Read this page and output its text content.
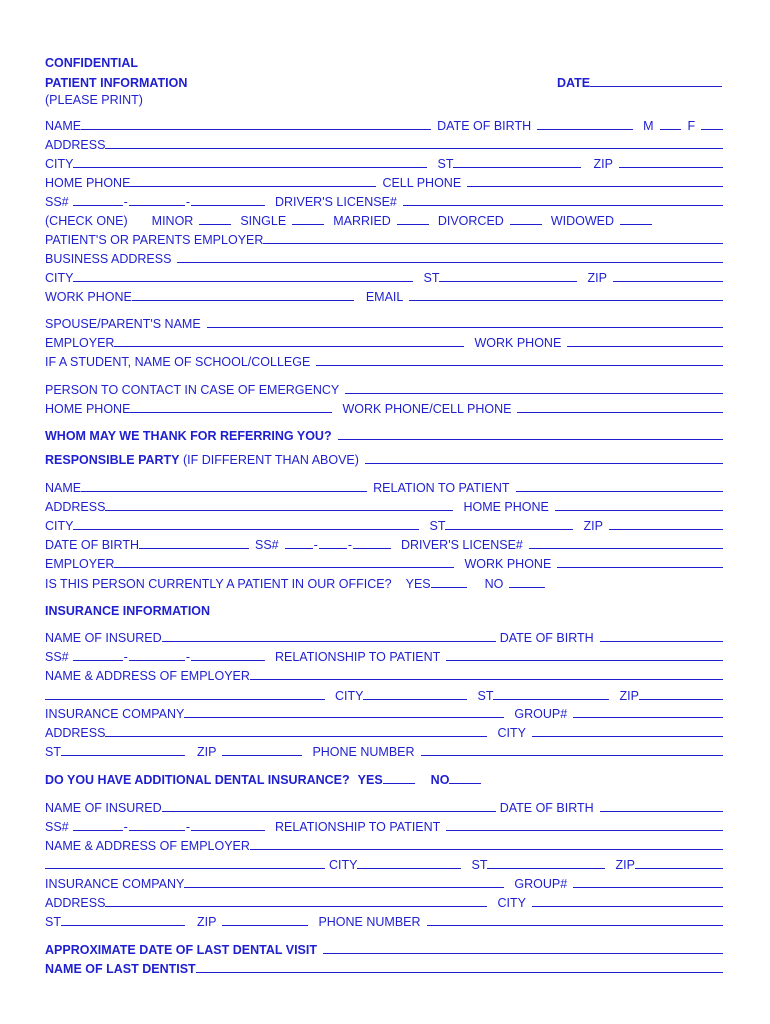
CONFIDENTIAL
PATIENT INFORMATION
(PLEASE PRINT)
DATE
NAME	DATE OF BIRTH	M	F
ADDRESS
CITY	ST	ZIP
HOME PHONE	CELL PHONE
SS#	-	-	DRIVER'S LICENSE#
(CHECK ONE) MINOR	SINGLE	MARRIED	DIVORCED	WIDOWED
PATIENT'S OR PARENTS EMPLOYER
BUSINESS ADDRESS
CITY	ST	ZIP
WORK PHONE	EMAIL
SPOUSE/PARENT'S NAME
EMPLOYER	WORK PHONE
IF A STUDENT, NAME OF SCHOOL/COLLEGE
PERSON TO CONTACT IN CASE OF EMERGENCY
HOME PHONE	WORK PHONE/CELL PHONE
WHOM MAY WE THANK FOR REFERRING YOU?
RESPONSIBLE PARTY (IF DIFFERENT THAN ABOVE)
NAME	RELATION TO PATIENT
ADDRESS	HOME PHONE
CITY	ST	ZIP
DATE OF BIRTH	SS#	- -	DRIVER'S LICENSE#
EMPLOYER	WORK PHONE
IS THIS PERSON CURRENTLY A PATIENT IN OUR OFFICE? YES	NO
INSURANCE INFORMATION
NAME OF INSURED	DATE OF BIRTH
SS#	-	-	RELATIONSHIP TO PATIENT
NAME & ADDRESS OF EMPLOYER
CITY	ST	ZIP
INSURANCE COMPANY	GROUP#
ADDRESS	CITY
ST	ZIP	PHONE NUMBER
DO YOU HAVE ADDITIONAL DENTAL INSURANCE? YES	NO
NAME OF INSURED	DATE OF BIRTH
SS#	-	-	RELATIONSHIP TO PATIENT
NAME & ADDRESS OF EMPLOYER
CITY	ST	ZIP
INSURANCE COMPANY	GROUP#
ADDRESS	CITY
ST	ZIP	PHONE NUMBER
APPROXIMATE DATE OF LAST DENTAL VISIT
NAME OF LAST DENTIST
